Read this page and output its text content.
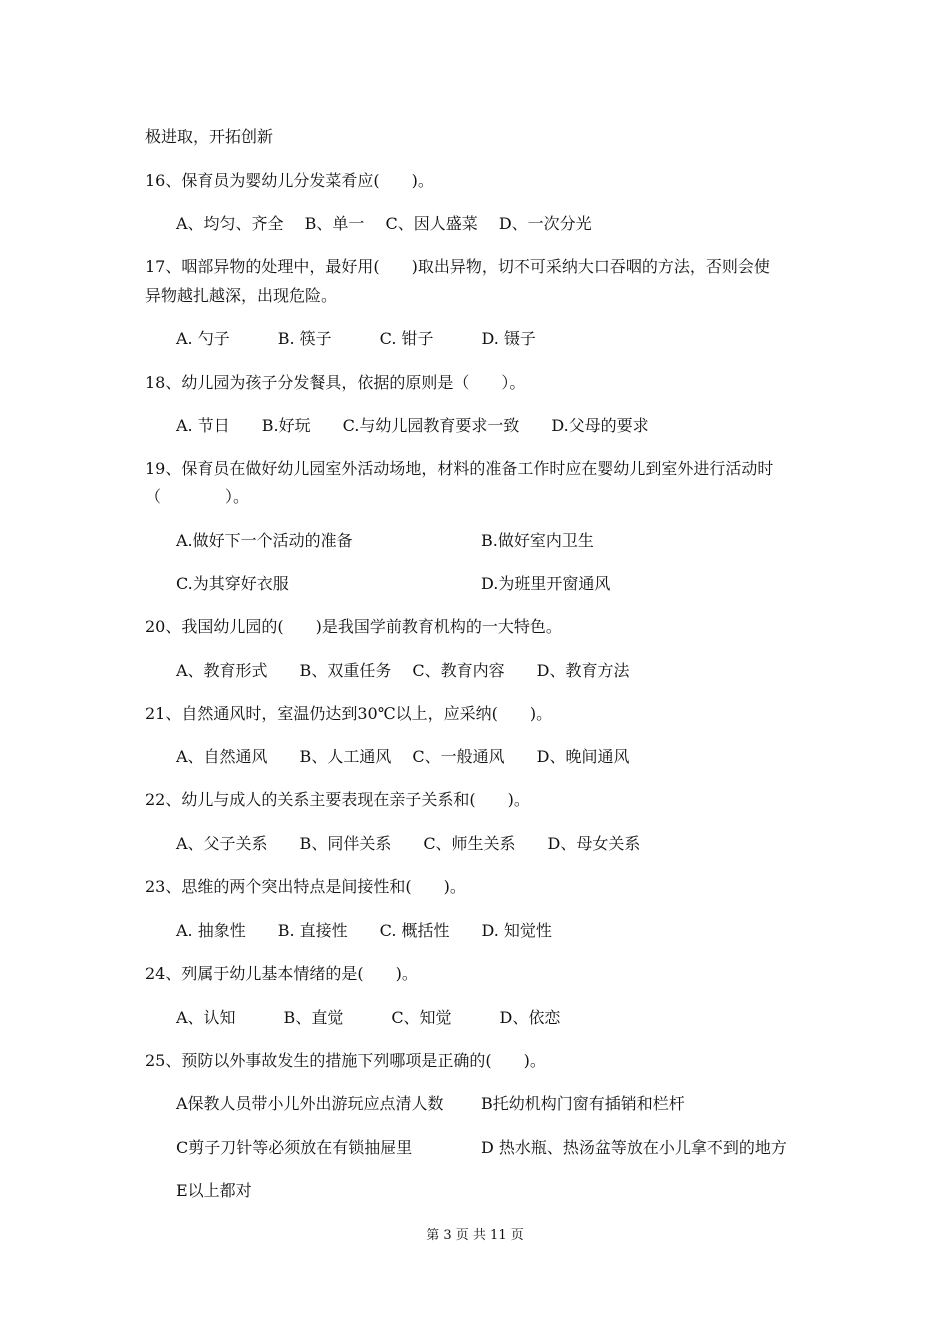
极进取，开拓创新
16、保育员为婴幼儿分发菜肴应(　　)。
A、均匀、齐全　 B、单一　 C、因人盛菜　 D、一次分光
17、咽部异物的处理中，最好用(　　)取出异物，切不可采纳大口吞咽的方法，否则会使
异物越扎越深，出现危险。
A. 勺子　　　B. 筷子　　　C. 钳子　　　D. 镊子
18、幼儿园为孩子分发餐具，依据的原则是（　　）。
A. 节日　　B.好玩　　C.与幼儿园教育要求一致　　D.父母的要求
19、保育员在做好幼儿园室外活动场地，材料的准备工作时应在婴幼儿到室外进行活动时
（　　　　）。
A.做好下一个活动的准备	B.做好室内卫生
C.为其穿好衣服	D.为班里开窗通风
20、我国幼儿园的(　　)是我国学前教育机构的一大特色。
A、教育形式　　B、双重任务　 C、教育内容　　D、教育方法
21、自然通风时，室温仍达到30℃以上，应采纳(　　)。
A、自然通风　　B、人工通风　 C、一般通风　　D、晚间通风
22、幼儿与成人的关系主要表现在亲子关系和(　　)。
A、父子关系　　B、同伴关系　　C、师生关系　　D、母女关系
23、思维的两个突出特点是间接性和(　　)。
A. 抽象性　　B. 直接性　　C. 概括性　　D. 知觉性
24、列属于幼儿基本情绪的是(　　)。
A、认知　　　B、直觉　　　C、知觉　　　D、依恋
25、预防以外事故发生的措施下列哪项是正确的(　　)。
A保教人员带小儿外出游玩应点清人数 B托幼机构门窗有插销和栏杆
C剪子刀针等必须放在有锁抽屉里	D 热水瓶、热汤盆等放在小儿拿不到的地方
E以上都对
第 3 页 共 11 页
